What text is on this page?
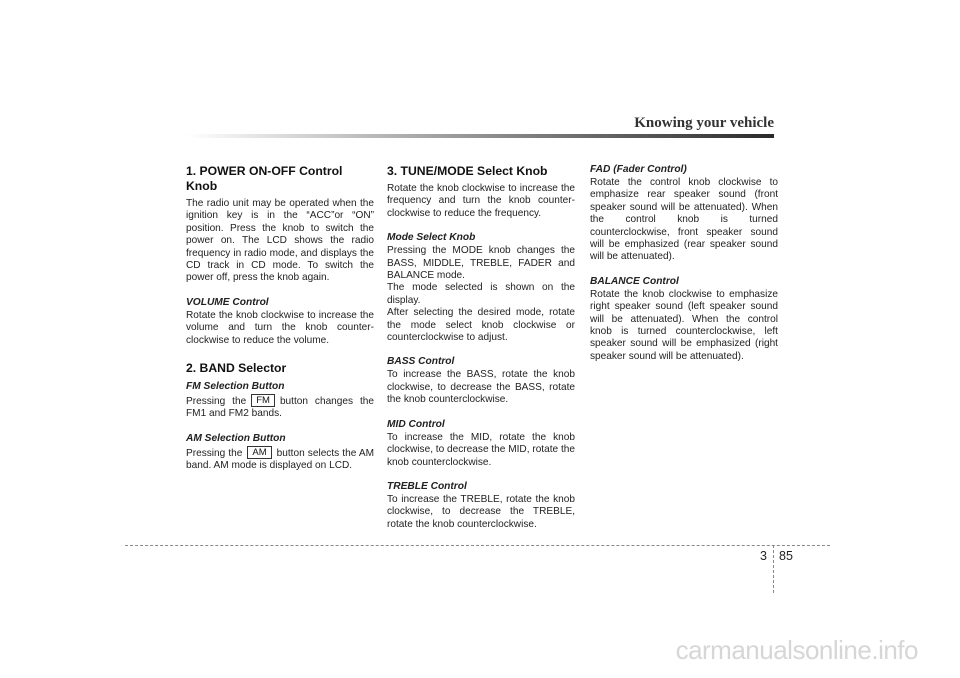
Knowing your vehicle
1. POWER ON-OFF Control Knob

The radio unit may be operated when the ignition key is in the “ACC”or “ON” position. Press the knob to switch the power on. The LCD shows the radio frequency in radio mode, and displays the CD track in CD mode. To switch the power off, press the knob again.

VOLUME Control

Rotate the knob clockwise to increase the volume and turn the knob counter-clockwise to reduce the volume.

2. BAND Selector
FM Selection Button

Pressing the FM button changes the FM1 and FM2 bands.

AM Selection Button

Pressing the AM button selects the AM band. AM mode is displayed on LCD.

3. TUNE/MODE Select Knob

Rotate the knob clockwise to increase the frequency and turn the knob counter-clockwise to reduce the frequency.

Mode Select Knob

Pressing the MODE knob changes the BASS, MIDDLE, TREBLE, FADER and BALANCE mode.

The mode selected is shown on the display.

After selecting the desired mode, rotate the mode select knob clockwise or counterclockwise to adjust.

BASS Control

To increase the BASS, rotate the knob clockwise, to decrease the BASS, rotate the knob counterclockwise.

MID Control

To increase the MID, rotate the knob clockwise, to decrease the MID, rotate the knob counterclockwise.

TREBLE Control

To increase the TREBLE, rotate the knob clockwise, to decrease the TREBLE, rotate the knob counterclockwise.

FAD (Fader Control)

Rotate the control knob clockwise to emphasize rear speaker sound (front speaker sound will be attenuated). When the control knob is turned counterclockwise, front speaker sound will be emphasized (rear speaker sound will be attenuated).

BALANCE Control

Rotate the knob clockwise to emphasize right speaker sound (left speaker sound will be attenuated). When the control knob is turned counterclockwise, left speaker sound will be emphasized (right speaker sound will be attenuated).

3 85
carmanualsonline.info
